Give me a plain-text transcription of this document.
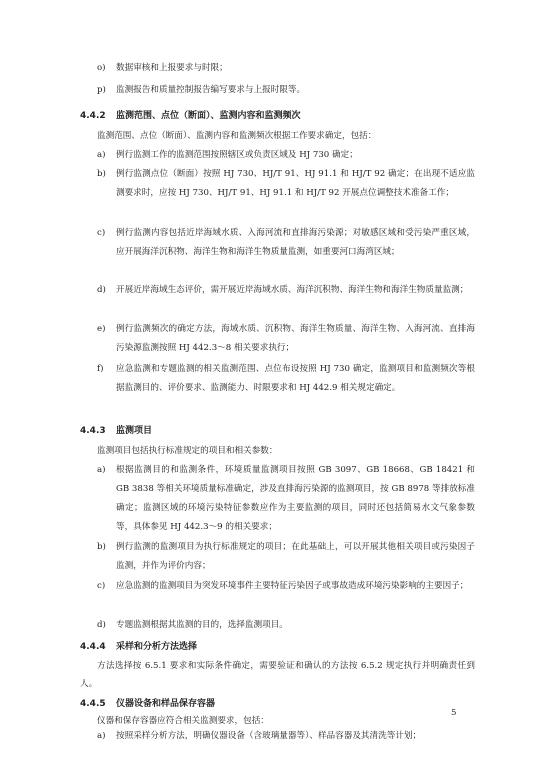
o) 数据审核和上报要求与时限；
p) 监测报告和质量控制报告编写要求与上报时限等。
4.4.2 监测范围、点位（断面）、监测内容和监测频次
监测范围、点位（断面）、监测内容和监测频次根据工作要求确定，包括：
a) 例行监测工作的监测范围按照辖区或负责区域及 HJ 730 确定；
b) 例行监测点位（断面）按照 HJ 730、HJ/T 91、HJ 91.1 和 HJ/T 92 确定；在出现不适应监测要求时，应按 HJ 730、HJ/T 91、HJ 91.1 和 HJ/T 92 开展点位调整技术准备工作；
c) 例行监测内容包括近岸海域水质、入海河流和直排海污染源；对敏感区域和受污染严重区域，应开展海洋沉积物、海洋生物和海洋生物质量监测，如重要河口海湾区域；
d) 开展近岸海域生态评价，需开展近岸海域水质、海洋沉积物、海洋生物和海洋生物质量监测；
e) 例行监测频次的确定方法，海域水质、沉积物、海洋生物质量、海洋生物、入海河流、直排海污染源监测按照 HJ 442.3～8 相关要求执行；
f) 应急监测和专题监测的相关监测范围、点位布设按照 HJ 730 确定，监测项目和监测频次等根据监测目的、评价要求、监测能力、时限要求和 HJ 442.9 相关规定确定。
4.4.3 监测项目
监测项目包括执行标准规定的项目和相关参数：
a) 根据监测目的和监测条件，环境质量监测项目按照 GB 3097、GB 18668、GB 18421 和 GB 3838 等相关环境质量标准确定，涉及直排海污染源的监测项目，按 GB 8978 等排放标准确定；监测区域的环境污染特征参数应作为主要监测的项目，同时还包括简易水文气象参数等，具体参见 HJ 442.3～9 的相关要求；
b) 例行监测的监测项目为执行标准规定的项目；在此基础上，可以开展其他相关项目或污染因子监测，并作为评价内容；
c) 应急监测的监测项目为突发环境事件主要特征污染因子或事故造成环境污染影响的主要因子；
d) 专题监测根据其监测的目的，选择监测项目。
4.4.4 采样和分析方法选择
方法选择按 6.5.1 要求和实际条件确定，需要验证和确认的方法按 6.5.2 规定执行并明确责任到人。
4.4.5 仪器设备和样品保存容器
仪器和保存容器应符合相关监测要求，包括：
a) 按照采样分析方法，明确仪器设备（含玻璃量器等）、样品容器及其清洗等计划；
5
